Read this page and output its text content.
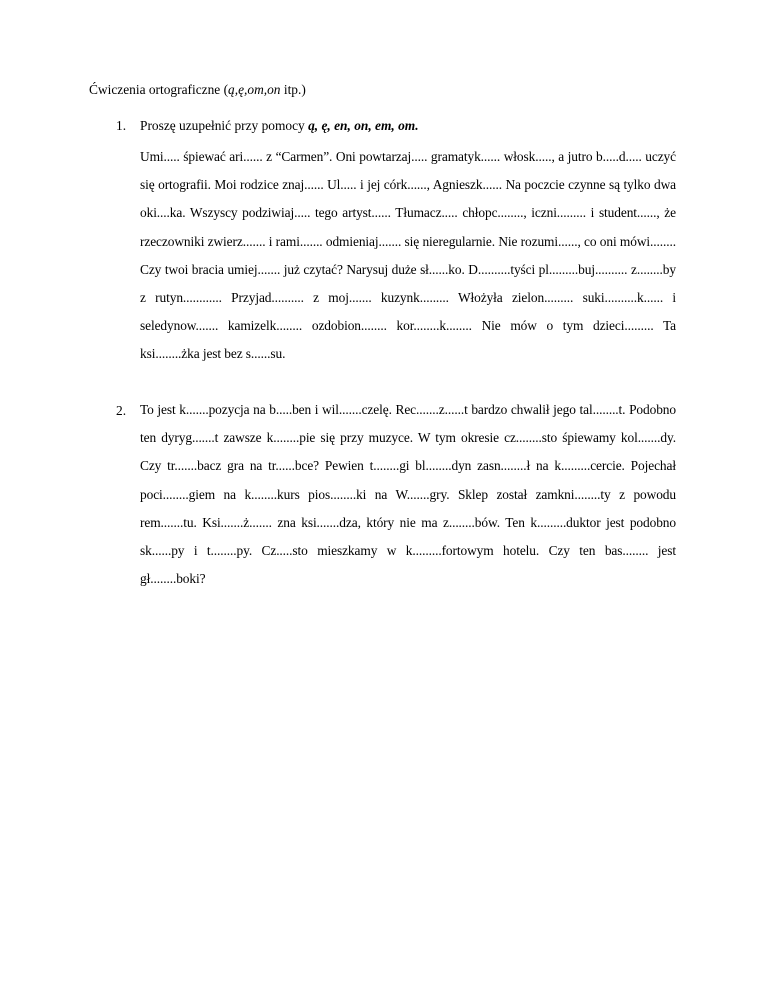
Ćwiczenia ortograficzne (ą,ę,om,on itp.)

1. Proszę uzupełnić przy pomocy ą, ę, en, on, em, om.

Umi..... śpiewać ari...... z “Carmen”. Oni powtarzaj..... gramatyk...... włosk....., a jutro b.....d..... uczyć się ortografii. Moi rodzice znaj...... Ul..... i jej córk......, Agnieszk...... Na poczcie czynne są tylko dwa oki....ka. Wszyscy podziwiaj..... tego artyst...... Tłumacz..... chłopc........, iczni......... i student......, że rzeczowniki zwierz....... i rami....... odmieniaj....... się nieregularnie. Nie rozumi......, co oni mówi........ Czy twoi bracia umiej....... już czytać? Narysuj duże sł......ko. D..........tyści pl.........buj.......... z........by z rutyn............ Przyjad.......... z moj....... kuzynk......... Włożyła zielon......... suki..........k...... i seledynow....... kamizelk........ ozdobion........ kor........k........ Nie mów o tym dzieci......... Ta ksi........żka jest bez s......su.

2. To jest k.......pozycja na b.....ben i wil.......czelę. Rec.......z......t bardzo chwalił jego tal........t. Podobno ten dyryg.......t zawsze k........pie się przy muzyce. W tym okresie cz........sto śpiewamy kol.......dy. Czy tr.......bacz gra na tr......bce? Pewien t........gi bl........dyn zasn........ł na k.........cercie. Pojechał poci........giem na k........kurs pios........ki na W.......gry. Sklep został zamkni........ty z powodu rem.......tu. Ksi.......ż....... zna ksi.......dza, który nie ma z........bów. Ten k.........duktor jest podobno sk......py i t........py. Cz.....sto mieszkamy w k.........fortowym hotelu. Czy ten bas........ jest gł........boki?
